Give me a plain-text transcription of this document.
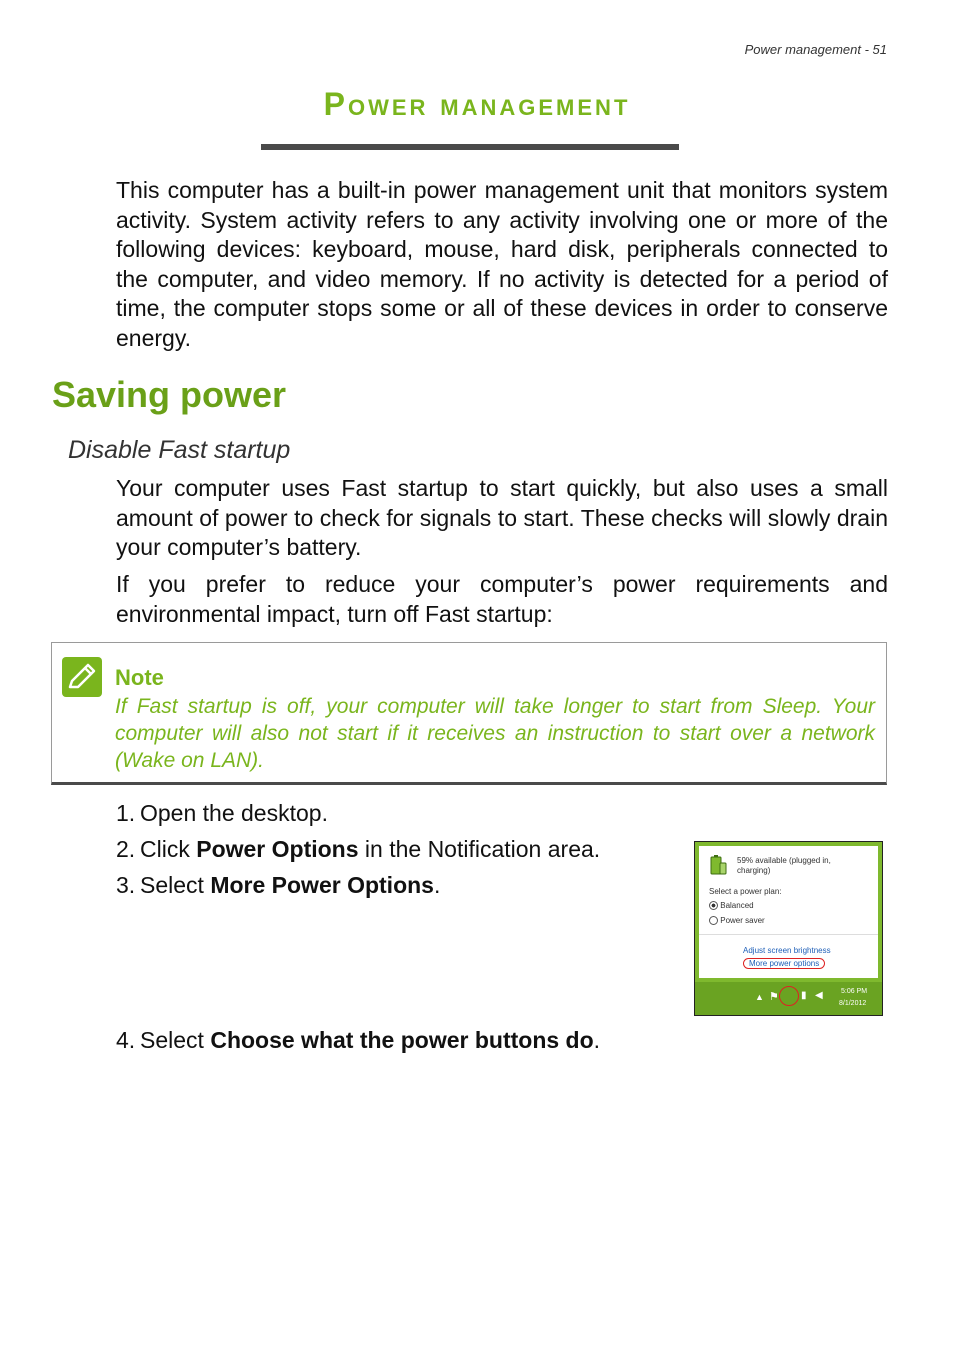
Power management - 51
Power management

This computer has a built-in power management unit that monitors system activity. System activity refers to any activity involving one or more of the following devices: keyboard, mouse, hard disk, peripherals connected to the computer, and video memory. If no activity is detected for a period of time, the computer stops some or all of these devices in order to conserve energy.

Saving power
Disable Fast startup

Your computer uses Fast startup to start quickly, but also uses a small amount of power to check for signals to start. These checks will slowly drain your computer’s battery.

If you prefer to reduce your computer’s power requirements and environmental impact, turn off Fast startup:

Note

If Fast startup is off, your computer will take longer to start from Sleep. Your computer will also not start if it receives an instruction to start over a network (Wake on LAN).

1. Open the desktop.
2. Click Power Options in the Notification area.
3. Select More Power Options.
4. Select Choose what the power buttons do.
59% available (plugged in, charging)
Select a power plan:
Balanced
Power saver
Adjust screen brightness
More power options
▲ ⚑ ▮ ◀	5:06 PM
8/1/2012
